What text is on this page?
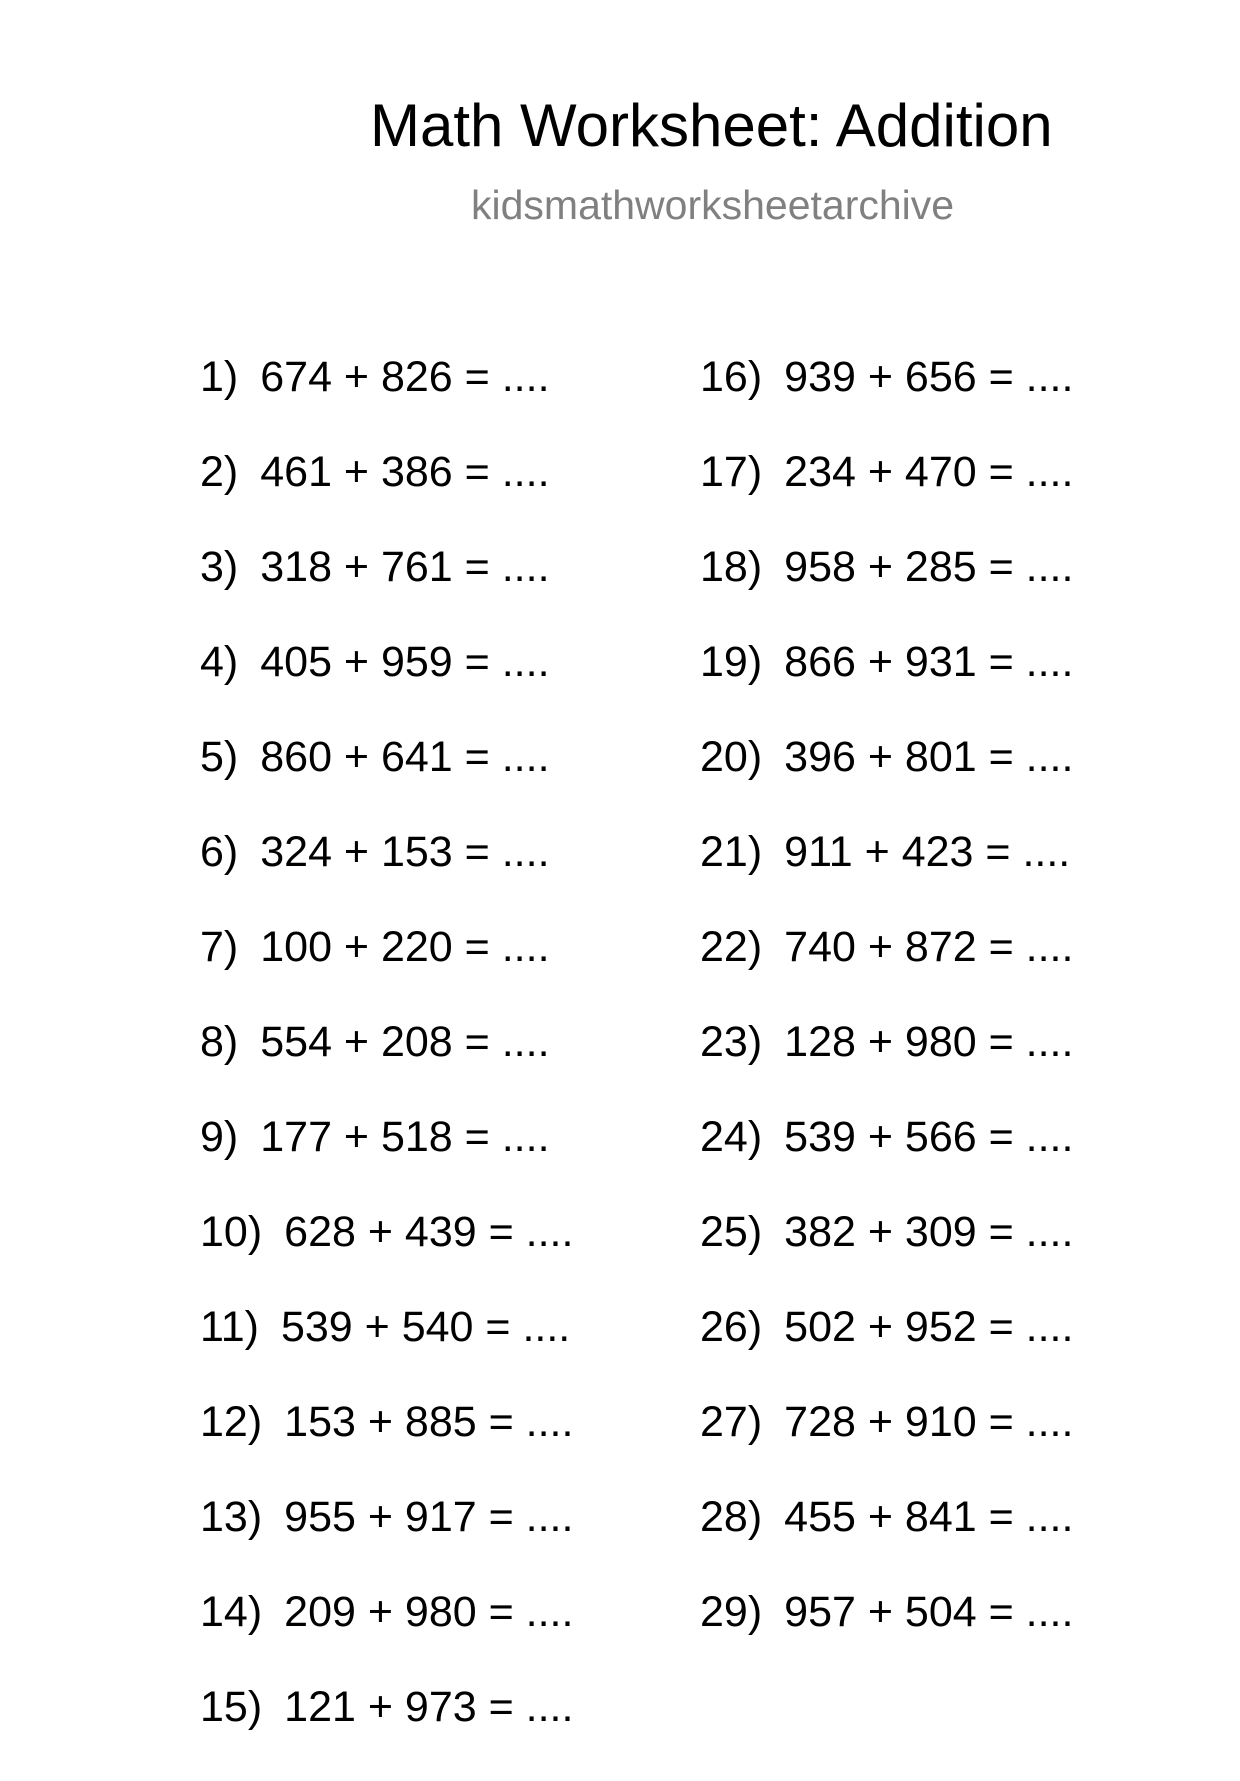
Math Worksheet: Addition
kidsmathworksheetarchive
1) 674 + 826 = ....
2) 461 + 386 = ....
3) 318 + 761 = ....
4) 405 + 959 = ....
5) 860 + 641 = ....
6) 324 + 153 = ....
7) 100 + 220 = ....
8) 554 + 208 = ....
9) 177 + 518 = ....
10) 628 + 439 = ....
11) 539 + 540 = ....
12) 153 + 885 = ....
13) 955 + 917 = ....
14) 209 + 980 = ....
15) 121 + 973 = ....
16) 939 + 656 = ....
17) 234 + 470 = ....
18) 958 + 285 = ....
19) 866 + 931 = ....
20) 396 + 801 = ....
21) 911 + 423 = ....
22) 740 + 872 = ....
23) 128 + 980 = ....
24) 539 + 566 = ....
25) 382 + 309 = ....
26) 502 + 952 = ....
27) 728 + 910 = ....
28) 455 + 841 = ....
29) 957 + 504 = ....
